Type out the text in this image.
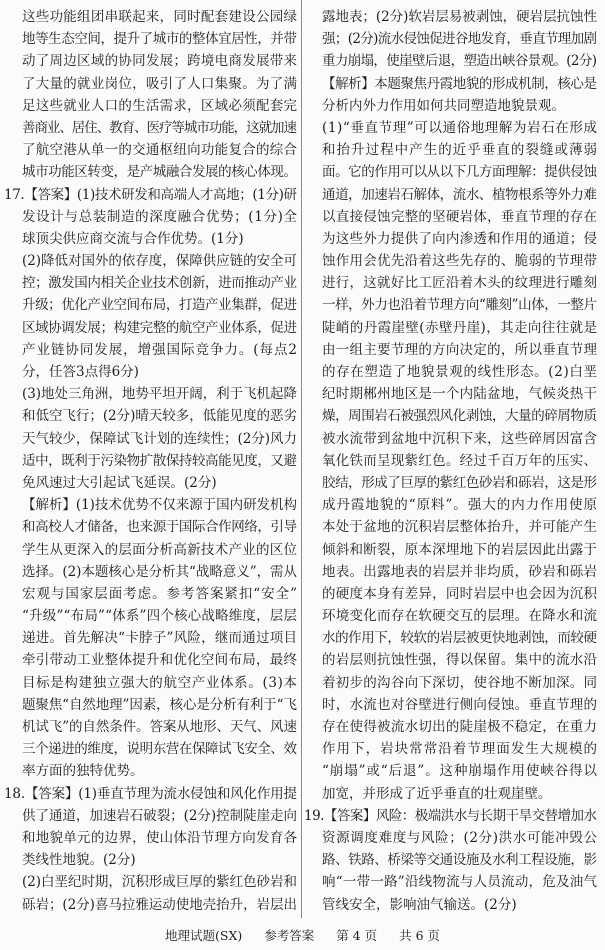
这些功能组团串联起来，同时配套建设公园绿
地等生态空间，提升了城市的整体宜居性，并带
动了周边区域的协同发展；跨境电商发展带来
了大量的就业岗位，吸引了人口集聚。为了满
足这些就业人口的生活需求，区域必须配套完
善商业、居住、教育、医疗等城市功能，这就加速
了航空港从单一的交通枢纽向功能复合的综合
城市功能区转变，是产城融合发展的核心体现。
17.【答案】(1)技术研发和高端人才高地；(1分)研
发设计与总装制造的深度融合优势；(1分)全
球顶尖供应商交流与合作优势。(1分)
(2)降低对国外的依存度，保障供应链的安全可
控；激发国内相关企业技术创新，进而推动产业
升级；优化产业空间布局，打造产业集群，促进
区域协调发展；构建完整的航空产业体系，促进
产业链协同发展，增强国际竞争力。(每点2
分，任答3点得6分)
(3)地处三角洲，地势平坦开阔，利于飞机起降
和低空飞行；(2分)晴天较多，低能见度的恶劣
天气较少，保障试飞计划的连续性；(2分)风力
适中，既利于污染物扩散保持较高能见度，又避
免风速过大引起试飞延误。(2分)
【解析】(1)技术优势不仅来源于国内研发机构
和高校人才储备，也来源于国际合作网络，引导
学生从更深入的层面分析高新技术产业的区位
选择。(2)本题核心是分析其“战略意义”，需从
宏观与国家层面考虑。参考答案紧扣“安全”
“升级”“布局”“体系”四个核心战略维度，层层
递进。首先解决“卡脖子”风险，继而通过项目
牵引带动工业整体提升和优化空间布局，最终
目标是构建独立强大的航空产业体系。(3)本
题聚焦“自然地理”因素，核心是分析有利于“飞
机试飞”的自然条件。答案从地形、天气、风速
三个递进的维度，说明东营在保障试飞安全、效
率方面的独特优势。
18.【答案】(1)垂直节理为流水侵蚀和风化作用提
供了通道，加速岩石破裂；(2分)控制陡崖走向
和地貌单元的边界，使山体沿节理方向发育各
类线性地貌。(2分)
(2)白垩纪时期，沉积形成巨厚的紫红色砂岩和
砾岩；(2分)喜马拉雅运动使地壳抬升，岩层出
露地表；(2分)软岩层易被剥蚀，硬岩层抗蚀性
强；(2分)流水侵蚀促进谷地发育，垂直节理加剧
重力崩塌，使崖壁后退，塑造出峡谷景观。(2分)
【解析】本题聚焦丹霞地貌的形成机制，核心是
分析内外力作用如何共同塑造地貌景观。
(1)“垂直节理”可以通俗地理解为岩石在形成
和抬升过程中产生的近乎垂直的裂缝或薄弱
面。它的作用可以从以下几方面理解：提供侵蚀
通道，加速岩石解体，流水、植物根系等外力难
以直接侵蚀完整的坚硬岩体，垂直节理的存在
为这些外力提供了向内渗透和作用的通道；侵
蚀作用会优先沿着这些先存的、脆弱的节理带
进行，这就好比工匠沿着木头的纹理进行雕刻
一样，外力也沿着节理方向“雕刻”山体，一整片
陡峭的丹霞崖壁(赤壁丹崖)，其走向往往就是
由一组主要节理的方向决定的，所以垂直节理
的存在塑造了地貌景观的线性形态。(2)白垩
纪时期郴州地区是一个内陆盆地，气候炎热干
燥，周围岩石被强烈风化剥蚀，大量的碎屑物质
被水流带到盆地中沉积下来，这些碎屑因富含
氧化铁而呈现紫红色。经过千百万年的压实、
胶结，形成了巨厚的紫红色砂岩和砾岩，这是形
成丹霞地貌的“原料”。强大的内力作用使原
本处于盆地的沉积岩层整体抬升，并可能产生
倾斜和断裂，原本深埋地下的岩层因此出露于
地表。出露地表的岩层并非均质，砂岩和砾岩
的硬度本身有差异，同时岩层中也会因为沉积
环境变化而存在软硬交互的层理。在降水和流
水的作用下，较软的岩层被更快地剥蚀，而较硬
的岩层则抗蚀性强，得以保留。集中的流水沿
着初步的沟谷向下深切，使谷地不断加深。同
时，水流也对谷壁进行侧向侵蚀。垂直节理的
存在使得被流水切出的陡崖极不稳定，在重力
作用下，岩块常常沿着节理面发生大规模的
“崩塌”或“后退”。这种崩塌作用使峡谷得以
加宽，并形成了近乎垂直的壮观崖壁。
19.【答案】风险：极端洪水与长期干旱交替增加水
资源调度难度与风险；(2分)洪水可能冲毁公
路、铁路、桥梁等交通设施及水利工程设施，影
响“一带一路”沿线物流与人员流动，危及油气
管线安全，影响油气输送。(2分)
地理试题(SX) 参考答案 第 4 页 共 6 页
